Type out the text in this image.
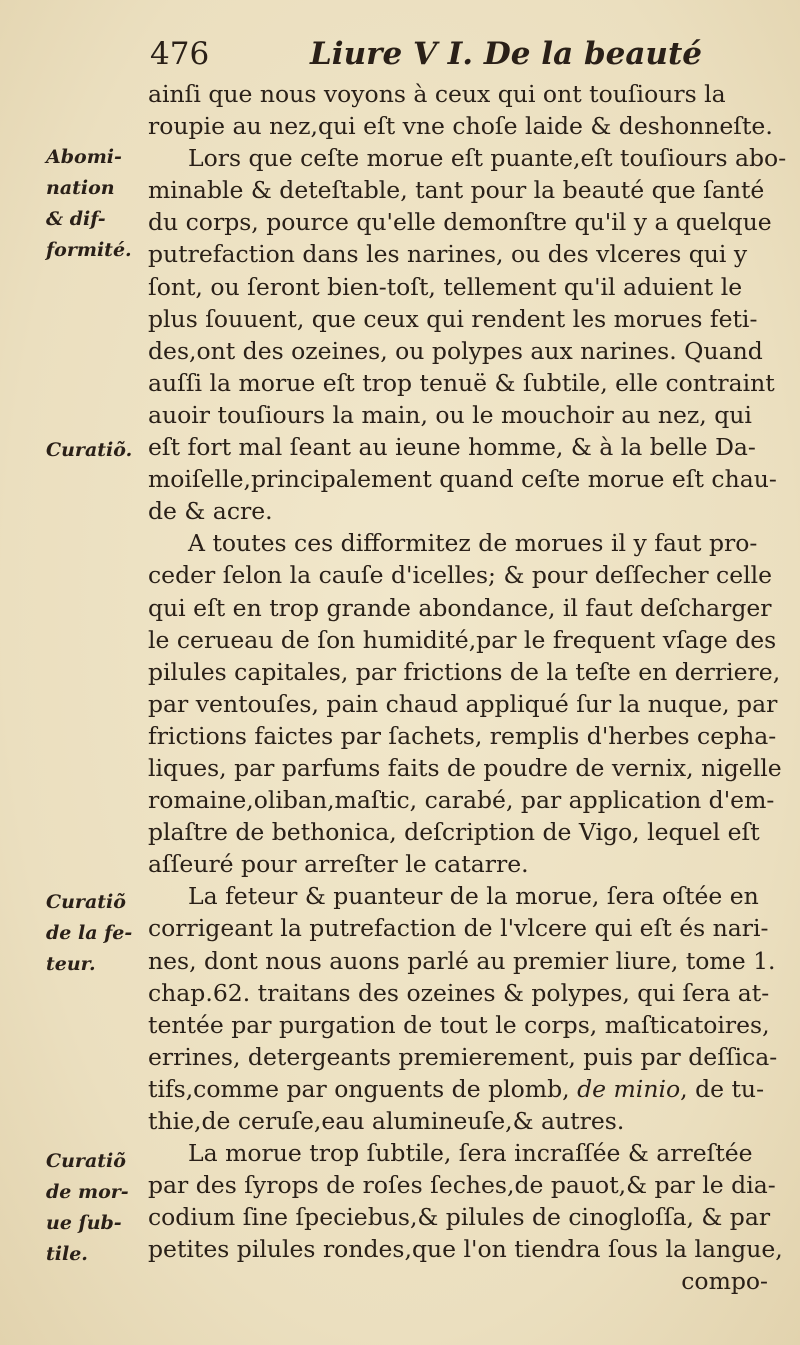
476	Liure V I. De la beauté
Abomi-
nation
& dif-
formité.
Curatiõ.
Curatiõ
de la fe-
teur.
Curatiõ
de mor-
ue ſub-
tile.
ainſi que nous voyons à ceux qui ont touſiours la
roupie au nez,qui eſt vne choſe laide & deshonneſte.
Lors que ceſte morue eſt puante,eſt touſiours abo-
minable & deteſtable, tant pour la beauté que ſanté
du corps, pource qu'elle demonſtre qu'il y a quelque
putrefaction dans les narines, ou des vlceres qui y
ſont, ou ſeront bien-toſt, tellement qu'il aduient le
plus ſouuent, que ceux qui rendent les morues feti-
des,ont des ozeines, ou polypes aux narines. Quand
auſſi la morue eſt trop tenuë & ſubtile, elle contraint
auoir touſiours la main, ou le mouchoir au nez, qui
eſt fort mal ſeant au ieune homme, & à la belle Da-
moiſelle,principalement quand ceſte morue eſt chau-
de & acre.
A toutes ces difformitez de morues il y faut pro-
ceder ſelon la cauſe d'icelles; & pour deſſecher celle
qui eſt en trop grande abondance, il faut deſcharger
le cerueau de ſon humidité,par le frequent vſage des
pilules capitales, par frictions de la teſte en derriere,
par ventouſes, pain chaud appliqué ſur la nuque, par
frictions faictes par ſachets, remplis d'herbes cepha-
liques, par parfums faits de poudre de vernix, nigelle
romaine,oliban,maſtic, carabé, par application d'em-
plaſtre de bethonica, deſcription de Vigo, lequel eſt
aſſeuré pour arreſter le catarre.
La feteur & puanteur de la morue, ſera oſtée en
corrigeant la putrefaction de l'vlcere qui eſt és nari-
nes, dont nous auons parlé au premier liure, tome 1.
chap.62. traitans des ozeines & polypes, qui ſera at-
tentée par purgation de tout le corps, maſticatoires,
errines, detergeants premierement, puis par deſſica-
tifs,comme par onguents de plomb, de minio, de tu-
thie,de ceruſe,eau alumineuſe,& autres.
La morue trop ſubtile, ſera incraſſée & arreſtée
par des ſyrops de roſes ſeches,de pauot,& par le dia-
codium ſine ſpeciebus,& pilules de cinogloſſa, & par
petites pilules rondes,que l'on tiendra ſous la langue,
compo-
